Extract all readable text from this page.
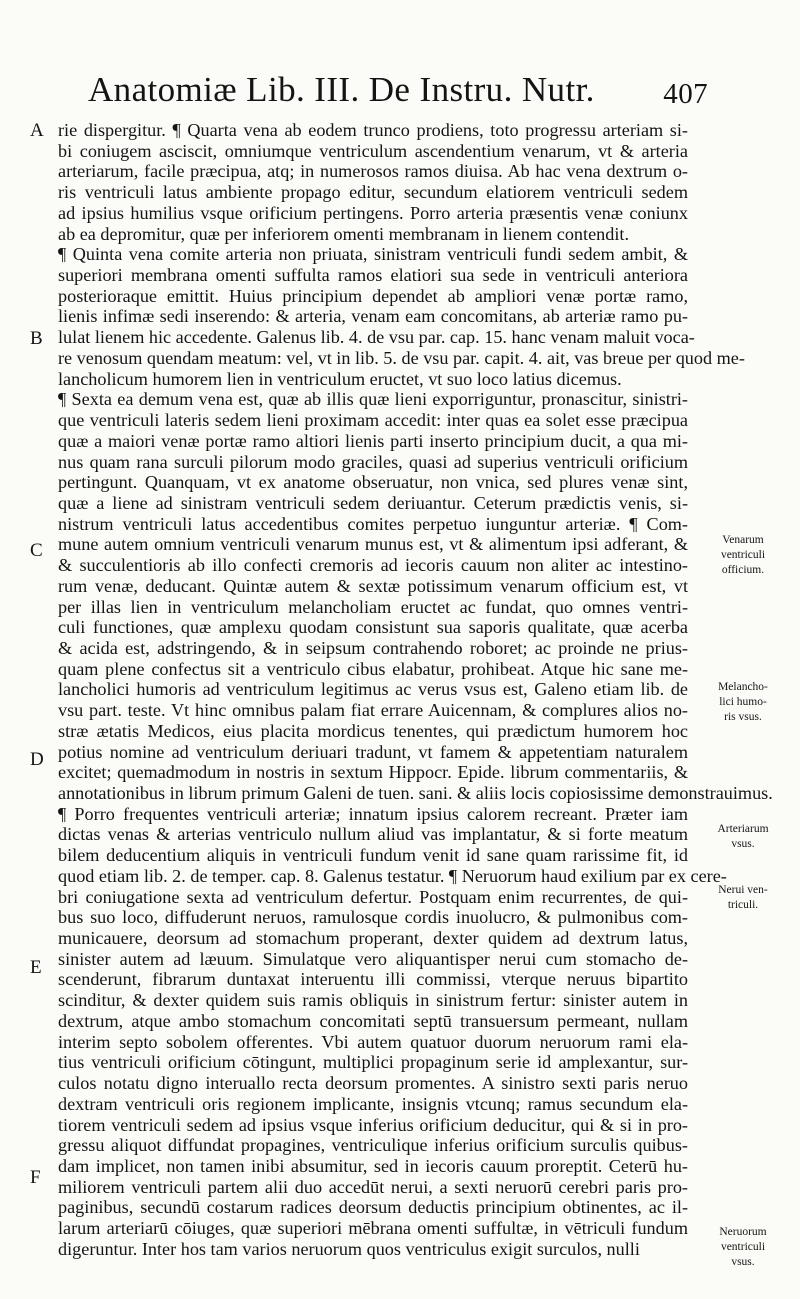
Anatomiæ Lib. III. De Instru. Nutr. 407
A
B
C
D
E
F
Venarum
ventriculi
officium.
Melancho-
lici humo-
ris vsus.
Arteriarum
vsus.
Nerui ven-
triculi.
Neruorum
ventriculi
vsus.
rie dispergitur. ¶ Quarta vena ab eodem trunco prodiens, toto progressu arteriam si-
bi coniugem asciscit, omniumque ventriculum ascendentium venarum, vt & arteria
arteriarum, facile præcipua, atq; in numerosos ramos diuisa. Ab hac vena dextrum o-
ris ventriculi latus ambiente propago editur, secundum elatiorem ventriculi sedem
ad ipsius humilius vsque orificium pertingens. Porro arteria præsentis venæ coniunx
ab ea depromitur, quæ per inferiorem omenti membranam in lienem contendit.
¶ Quinta vena comite arteria non priuata, sinistram ventriculi fundi sedem ambit, &
superiori membrana omenti suffulta ramos elatiori sua sede in ventriculi anteriora
posterioraque emittit. Huius principium dependet ab ampliori venæ portæ ramo,
lienis infimæ sedi inserendo: & arteria, venam eam concomitans, ab arteriæ ramo pu-
lulat lienem hic accedente. Galenus lib. 4. de vsu par. cap. 15. hanc venam maluit voca-
re venosum quendam meatum: vel, vt in lib. 5. de vsu par. capit. 4. ait, vas breue per quod me-
lancholicum humorem lien in ventriculum eructet, vt suo loco latius dicemus.
¶ Sexta ea demum vena est, quæ ab illis quæ lieni exporriguntur, pronascitur, sinistri-
que ventriculi lateris sedem lieni proximam accedit: inter quas ea solet esse præcipua
quæ a maiori venæ portæ ramo altiori lienis parti inserto principium ducit, a qua mi-
nus quam rana surculi pilorum modo graciles, quasi ad superius ventriculi orificium
pertingunt. Quanquam, vt ex anatome obseruatur, non vnica, sed plures venæ sint,
quæ a liene ad sinistram ventriculi sedem deriuantur. Ceterum prædictis venis, si-
nistrum ventriculi latus accedentibus comites perpetuo iunguntur arteriæ. ¶ Com-
mune autem omnium ventriculi venarum munus est, vt & alimentum ipsi adferant, &
& succulentioris ab illo confecti cremoris ad iecoris cauum non aliter ac intestino-
rum venæ, deducant. Quintæ autem & sextæ potissimum venarum officium est, vt
per illas lien in ventriculum melancholiam eructet ac fundat, quo omnes ventri-
culi functiones, quæ amplexu quodam consistunt sua saporis qualitate, quæ acerba
& acida est, adstringendo, & in seipsum contrahendo roboret; ac proinde ne prius-
quam plene confectus sit a ventriculo cibus elabatur, prohibeat. Atque hic sane me-
lancholici humoris ad ventriculum legitimus ac verus vsus est, Galeno etiam lib. de
vsu part. teste. Vt hinc omnibus palam fiat errare Auicennam, & complures alios no-
stræ ætatis Medicos, eius placita mordicus tenentes, qui prædictum humorem hoc
potius nomine ad ventriculum deriuari tradunt, vt famem & appetentiam naturalem
excitet; quemadmodum in nostris in sextum Hippocr. Epide. librum commentariis, &
annotationibus in librum primum Galeni de tuen. sani. & aliis locis copiosissime demonstrauimus.
¶ Porro frequentes ventriculi arteriæ; innatum ipsius calorem recreant. Præter iam
dictas venas & arterias ventriculo nullum aliud vas implantatur, & si forte meatum
bilem deducentium aliquis in ventriculi fundum venit id sane quam rarissime fit, id
quod etiam lib. 2. de temper. cap. 8. Galenus testatur. ¶ Neruorum haud exilium par ex cere-
bri coniugatione sexta ad ventriculum defertur. Postquam enim recurrentes, de qui-
bus suo loco, diffuderunt neruos, ramulosque cordis inuolucro, & pulmonibus com-
municauere, deorsum ad stomachum properant, dexter quidem ad dextrum latus,
sinister autem ad læuum. Simulatque vero aliquantisper nerui cum stomacho de-
scenderunt, fibrarum duntaxat interuentu illi commissi, vterque neruus bipartito
scinditur, & dexter quidem suis ramis obliquis in sinistrum fertur: sinister autem in
dextrum, atque ambo stomachum concomitati septū transuersum permeant, nullam
interim septo sobolem offerentes. Vbi autem quatuor duorum neruorum rami ela-
tius ventriculi orificium cōtingunt, multiplici propaginum serie id amplexantur, sur-
culos notatu digno interuallo recta deorsum promentes. A sinistro sexti paris neruo
dextram ventriculi oris regionem implicante, insignis vtcunq; ramus secundum ela-
tiorem ventriculi sedem ad ipsius vsque inferius orificium deducitur, qui & si in pro-
gressu aliquot diffundat propagines, ventriculique inferius orificium surculis quibus-
dam implicet, non tamen inibi absumitur, sed in iecoris cauum proreptit. Ceterū hu-
miliorem ventriculi partem alii duo accedūt nerui, a sexti neruorū cerebri paris pro-
paginibus, secundū costarum radices deorsum deductis principium obtinentes, ac il-
larum arteriarū cōiuges, quæ superiori mēbrana omenti suffultæ, in vētriculi fundum
digeruntur. Inter hos tam varios neruorum quos ventriculus exigit surculos, nulli
